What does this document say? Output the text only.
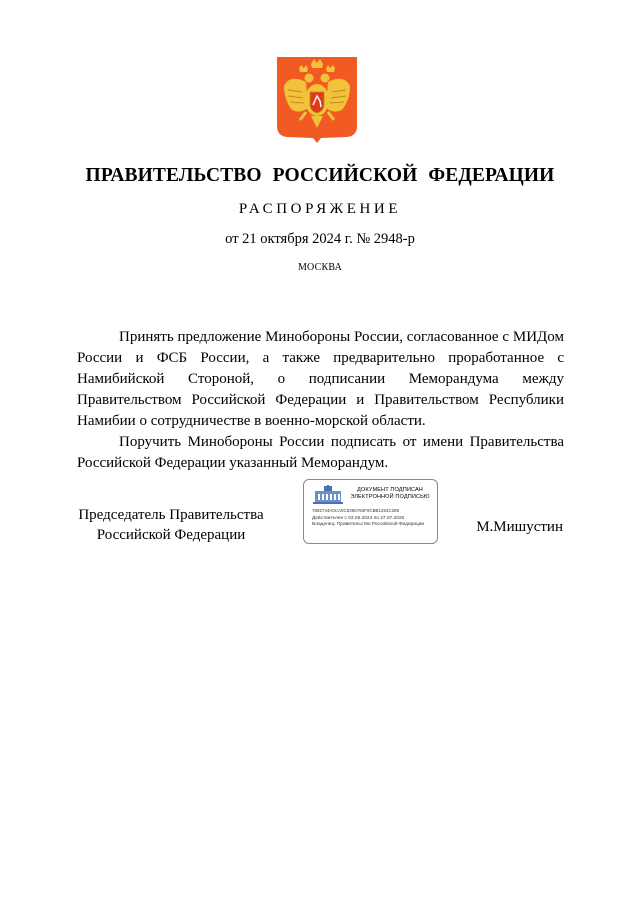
ПРАВИТЕЛЬСТВО РОССИЙСКОЙ ФЕДЕРАЦИИ
РАСПОРЯЖЕНИЕ
от 21 октября 2024 г. № 2948-р
МОСКВА

Принять предложение Минобороны России, согласованное с МИДом России и ФСБ России, а также предварительно проработанное с Намибийской Стороной, о подписании Меморандума между Правительством Российской Федерации и Правительством Республики Намибии о сотрудничестве в военно-морской области.

Поручить Минобороны России подписать от имени Правительства Российской Федерации указанный Меморандум.

Председатель Правительства
Российской Федерации
ДОКУМЕНТ ПОДПИСАН
ЭЛЕКТРОННОЙ ПОДПИСЬЮ
7882744A0CA0C8396783F0CBB1253C386
Действителен с 03.05.2024 по 27.07.2025
Владелец: Правительство Российской Федерации	М.Мишустин
